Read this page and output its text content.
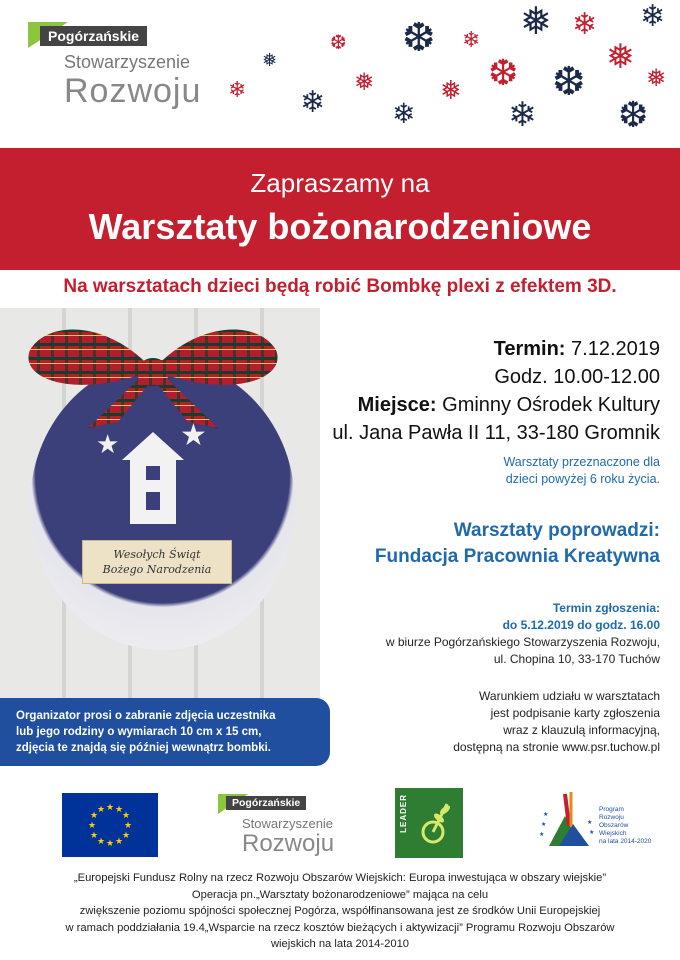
Pogórzańskie
Stowarzyszenie
Rozwoju ❄
❅
❄
❆
❅
❄
❆
❅
❄
❆
❄
❅
❆
❄
❅
❆
❄
❅
Zapraszamy na
Warsztaty bożonarodzeniowe
Na warsztatach dzieci będą robić Bombkę plexi z efektem 3D.
★ ★
Wesołych Świąt
Bożego Narodzenia
Termin: 7.12.2019
Godz. 10.00-12.00
Miejsce: Gminny Ośrodek Kultury
ul. Jana Pawła II 11, 33-180 Gromnik
Warsztaty przeznaczone dla
dzieci powyżej 6 roku życia.
Warsztaty poprowadzi:
Fundacja Pracownia Kreatywna
Termin zgłoszenia:
do 5.12.2019 do godz. 16.00
w biurze Pogórzańskiego Stowarzyszenia Rozwoju,
ul. Chopina 10, 33-170 Tuchów
Warunkiem udziału w warsztatach
jest podpisanie karty zgłoszenia
wraz z klauzulą informacyjną,
dostępną na stronie www.psr.tuchow.pl
Organizator prosi o zabranie zdjęcia uczestnika
lub jego rodziny o wymiarach 10 cm x 15 cm,
zdjęcia te znajdą się później wewnątrz bombki.
★ ★
★
★
★
★
★
★
★
★
★
★
Pogórzańskie
Stowarzyszenie
Rozwoju
LEADER	★
★
★
★
★
Program
Rozwoju
Obszarów
Wiejskich
na lata 2014-2020
„Europejski Fundusz Rolny na rzecz Rozwoju Obszarów Wiejskich: Europa inwestująca w obszary wiejskie”
Operacja pn.„Warsztaty bożonarodzeniowe” mająca na celu
zwiększenie poziomu spójności społecznej Pogórza, współfinansowana jest ze środków Unii Europejskiej
w ramach poddziałania 19.4„Wsparcie na rzecz kosztów bieżących i aktywizacji” Programu Rozwoju Obszarów
wiejskich na lata 2014-2010
